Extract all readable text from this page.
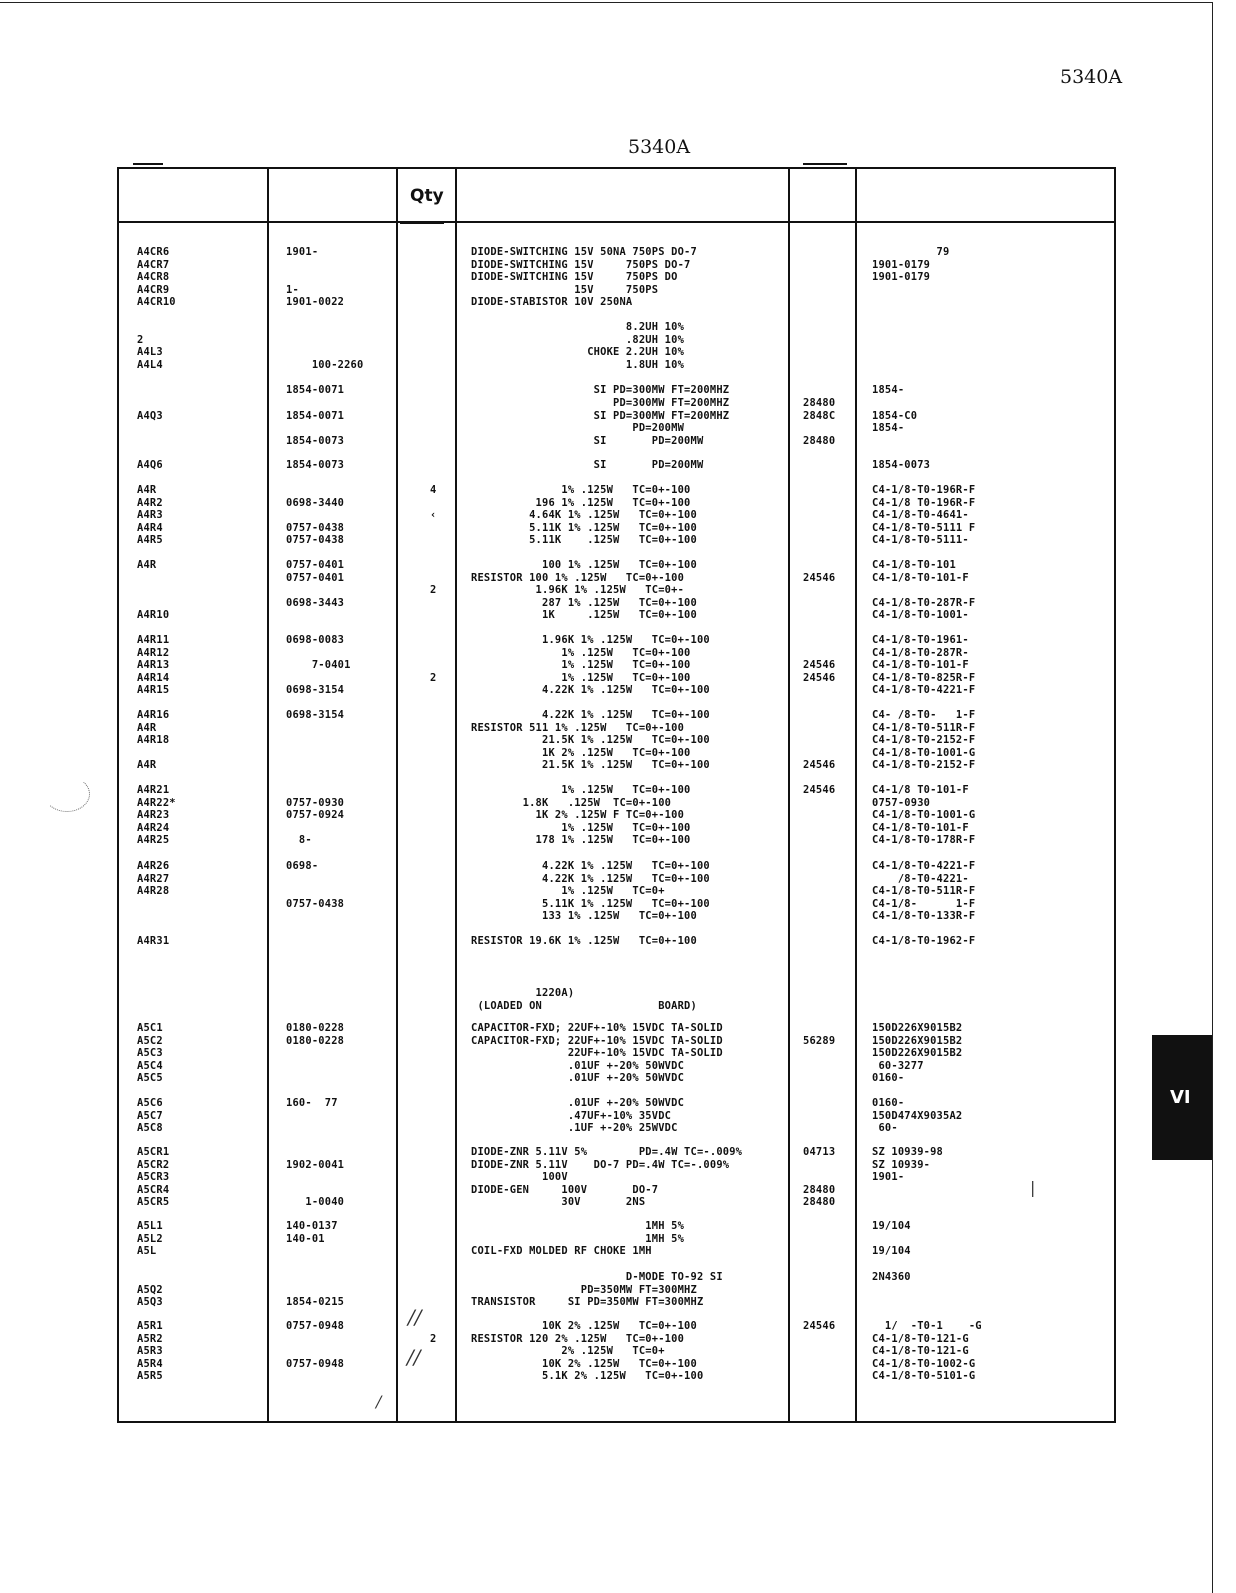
5340A
5340A
Qty
A4CR6
A4CR7
A4CR8
A4CR9
A4CR10
2
A4L3
A4L4
A4Q3
A4Q6
A4R
A4R2
A4R3
A4R4
A4R5
A4R
A4R10
A4R11
A4R12
A4R13
A4R14
A4R15
A4R16
A4R
A4R18
A4R
A4R21
A4R22*
A4R23
A4R24
A4R25
A4R26
A4R27
A4R28
A4R31
A5C1
A5C2
A5C3
A5C4
A5C5
A5C6
A5C7
A5C8
A5CR1
A5CR2
A5CR3
A5CR4
A5CR5
A5L1
A5L2
A5L
A5Q2
A5Q3
A5R1
A5R2
A5R3
A5R4
A5R5
1901-
1-
1901-0022
100-2260
1854-0071
1854-0071
1854-0073
1854-0073
0698-3440
0757-0438
0757-0438
0757-0401
0757-0401
0698-3443
0698-0083
7-0401
0698-3154
0698-3154
0757-0930
0757-0924
8-
0698-
0757-0438
0180-0228
0180-0228
160-  77
1902-0041
1-0040
140-0137
140-01
1854-0215
0757-0948
0757-0948
4
‹
2
2
2
DIODE-SWITCHING 15V 50NA 750PS DO-7
DIODE-SWITCHING 15V     750PS DO-7
DIODE-SWITCHING 15V     750PS DO
15V     750PS
DIODE-STABISTOR 10V 250NA
8.2UH 10%
.82UH 10%
CHOKE 2.2UH 10%
1.8UH 10%
SI PD=300MW FT=200MHZ
PD=300MW FT=200MHZ
SI PD=300MW FT=200MHZ
PD=200MW
SI       PD=200MW
SI       PD=200MW
1% .125W   TC=0+-100
196 1% .125W   TC=0+-100
4.64K 1% .125W   TC=0+-100
5.11K 1% .125W   TC=0+-100
5.11K    .125W   TC=0+-100
100 1% .125W   TC=0+-100
RESISTOR 100 1% .125W   TC=0+-100
1.96K 1% .125W   TC=0+-
287 1% .125W   TC=0+-100
1K     .125W   TC=0+-100
1.96K 1% .125W   TC=0+-100
1% .125W   TC=0+-100
1% .125W   TC=0+-100
1% .125W   TC=0+-100
4.22K 1% .125W   TC=0+-100
4.22K 1% .125W   TC=0+-100
RESISTOR 511 1% .125W   TC=0+-100
21.5K 1% .125W   TC=0+-100
1K 2% .125W   TC=0+-100
21.5K 1% .125W   TC=0+-100
1% .125W   TC=0+-100
1.8K   .125W  TC=0+-100
1K 2% .125W F TC=0+-100
1% .125W   TC=0+-100
178 1% .125W   TC=0+-100
4.22K 1% .125W   TC=0+-100
4.22K 1% .125W   TC=0+-100
1% .125W   TC=0+
5.11K 1% .125W   TC=0+-100
133 1% .125W   TC=0+-100
RESISTOR 19.6K 1% .125W   TC=0+-100
1220A)
(LOADED ON                  BOARD)
CAPACITOR-FXD; 22UF+-10% 15VDC TA-SOLID
CAPACITOR-FXD; 22UF+-10% 15VDC TA-SOLID
22UF+-10% 15VDC TA-SOLID
.01UF +-20% 50WVDC
.01UF +-20% 50WVDC
.01UF +-20% 50WVDC
.47UF+-10% 35VDC
.1UF +-20% 25WVDC
DIODE-ZNR 5.11V 5%        PD=.4W TC=-.009%
DIODE-ZNR 5.11V    DO-7 PD=.4W TC=-.009%
100V
DIODE-GEN     100V       DO-7
30V       2NS
1MH 5%
1MH 5%
COIL-FXD MOLDED RF CHOKE 1MH
D-MODE TO-92 SI
PD=350MW FT=300MHZ
TRANSISTOR     SI PD=350MW FT=300MHZ
10K 2% .125W   TC=0+-100
RESISTOR 120 2% .125W   TC=0+-100
2% .125W   TC=0+
10K 2% .125W   TC=0+-100
5.1K 2% .125W   TC=0+-100
28480
2848C
28480
24546
24546
24546
24546
24546
56289
04713
28480
28480
24546
79
1901-0179
1901-0179
1854-
1854-C0
1854-
1854-0073
C4-1/8-T0-196R-F
C4-1/8 T0-196R-F
C4-1/8-T0-4641-
C4-1/8-T0-5111 F
C4-1/8-T0-5111-
C4-1/8-T0-101
C4-1/8-T0-101-F
C4-1/8-T0-287R-F
C4-1/8-T0-1001-
C4-1/8-T0-1961-
C4-1/8-T0-287R-
C4-1/8-T0-101-F
C4-1/8-T0-825R-F
C4-1/8-T0-4221-F
C4- /8-T0-   1-F
C4-1/8-T0-511R-F
C4-1/8-T0-2152-F
C4-1/8-T0-1001-G
C4-1/8-T0-2152-F
C4-1/8 T0-101-F
0757-0930
C4-1/8-T0-1001-G
C4-1/8-T0-101-F
C4-1/8-T0-178R-F
C4-1/8-T0-4221-F
/8-T0-4221-
C4-1/8-T0-511R-F
C4-1/8-      1-F
C4-1/8-T0-133R-F
C4-1/8-T0-1962-F
150D226X9015B2
150D226X9015B2
150D226X9015B2
60-3277
0160-
0160-
150D474X9035A2
60-
SZ 10939-98
SZ 10939-
1901-
19/104
19/104
2N4360
1/  -T0-1    -G
C4-1/8-T0-121-G
C4-1/8-T0-121-G
C4-1/8-T0-1002-G
C4-1/8-T0-5101-G
VI
|
/
//
//
